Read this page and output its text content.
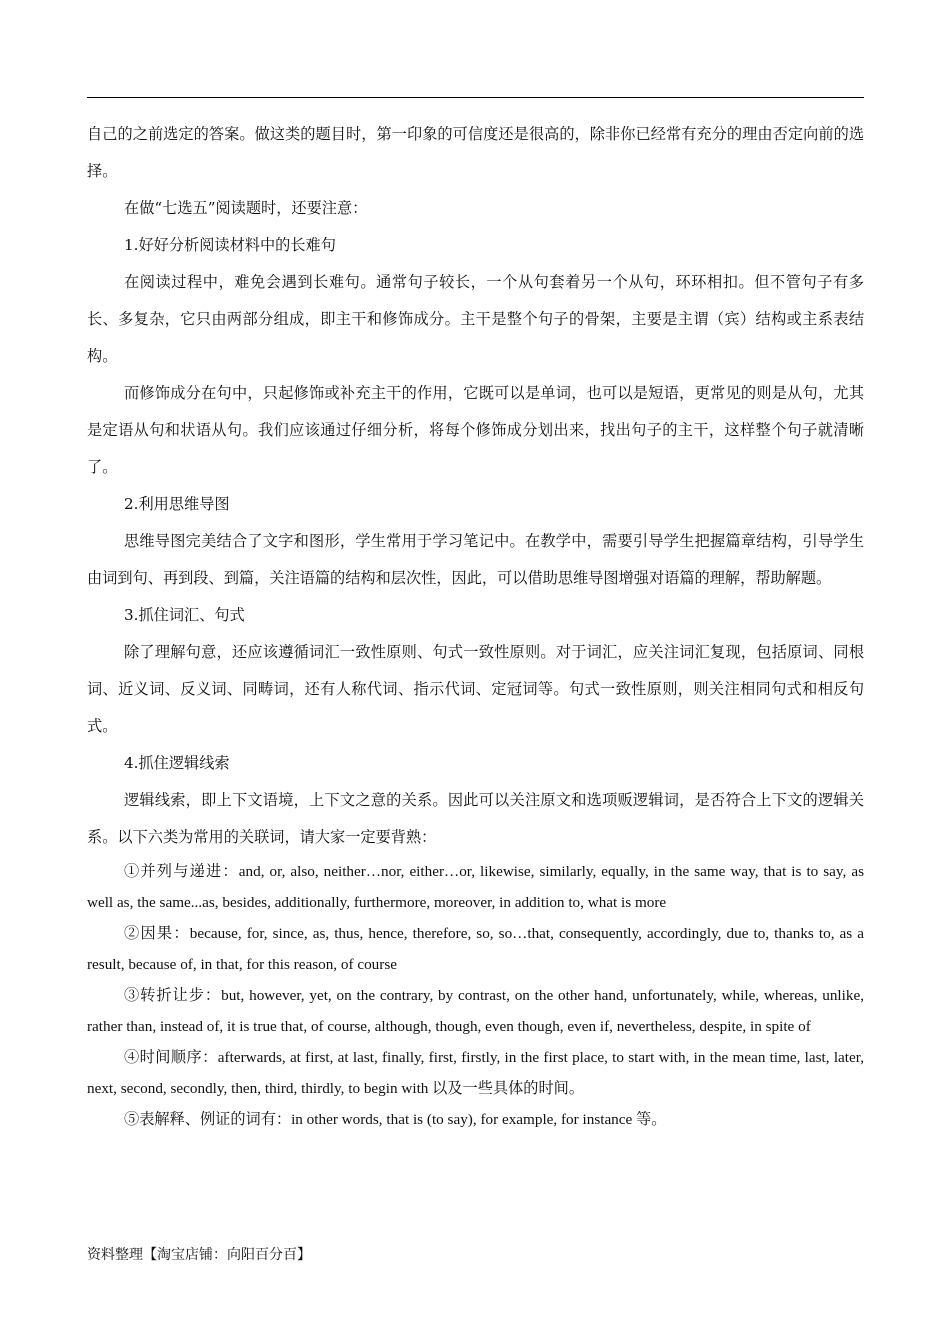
自己的之前选定的答案。做这类的题目时，第一印象的可信度还是很高的，除非你已经常有充分的理由否定向前的选择。

在做“七选五”阅读题时，还要注意：

1.好好分析阅读材料中的长难句

在阅读过程中，难免会遇到长难句。通常句子较长，一个从句套着另一个从句，环环相扣。但不管句子有多长、多复杂，它只由两部分组成，即主干和修饰成分。主干是整个句子的骨架，主要是主谓（宾）结构或主系表结构。

而修饰成分在句中，只起修饰或补充主干的作用，它既可以是单词，也可以是短语，更常见的则是从句，尤其是定语从句和状语从句。我们应该通过仔细分析，将每个修饰成分划出来，找出句子的主干，这样整个句子就清晰了。

2.利用思维导图

思维导图完美结合了文字和图形，学生常用于学习笔记中。在教学中，需要引导学生把握篇章结构，引导学生由词到句、再到段、到篇，关注语篇的结构和层次性，因此，可以借助思维导图增强对语篇的理解，帮助解题。

3.抓住词汇、句式

除了理解句意，还应该遵循词汇一致性原则、句式一致性原则。对于词汇，应关注词汇复现，包括原词、同根词、近义词、反义词、同畴词，还有人称代词、指示代词、定冠词等。句式一致性原则，则关注相同句式和相反句式。

4.抓住逻辑线索

逻辑线索，即上下文语境，上下文之意的关系。因此可以关注原文和选项贩逻辑词，是否符合上下文的逻辑关系。以下六类为常用的关联词，请大家一定要背熟：

①并列与递进：and, or, also, neither…nor, either…or, likewise, similarly, equally, in the same way, that is to say, as well as, the same...as, besides, additionally, furthermore, moreover, in addition to, what is more

②因果：because, for, since, as, thus, hence, therefore, so, so…that, consequently, accordingly, due to, thanks to, as a result, because of, in that, for this reason, of course

③转折让步：but, however, yet, on the contrary, by contrast, on the other hand, unfortunately, while, whereas, unlike, rather than, instead of, it is true that, of course, although, though, even though, even if, nevertheless, despite, in spite of

④时间顺序：afterwards, at first, at last, finally, first, firstly, in the first place, to start with, in the mean time, last, later, next, second, secondly, then, third, thirdly, to begin with 以及一些具体的时间。

⑤表解释、例证的词有：in other words, that is (to say), for example, for instance 等。

资料整理【淘宝店铺：向阳百分百】
